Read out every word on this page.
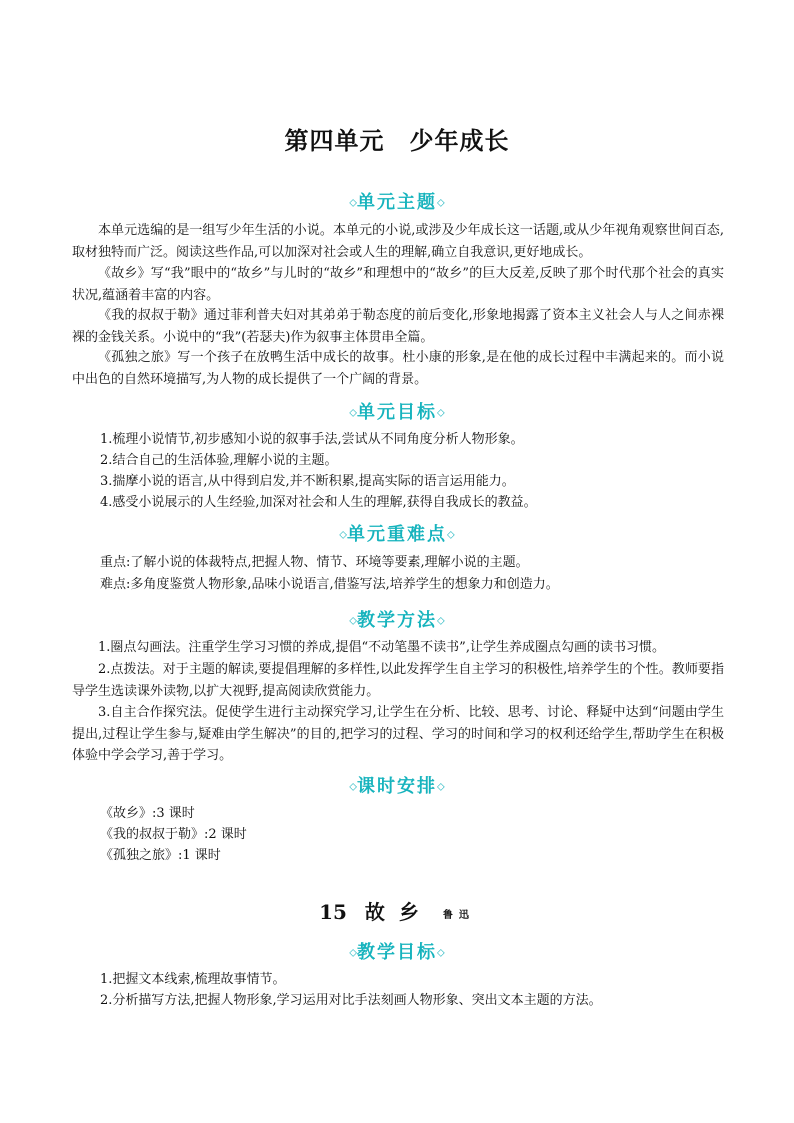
第四单元　少年成长
◇单元主题◇

本单元选编的是一组写少年生活的小说。本单元的小说,或涉及少年成长这一话题,或从少年视角观察世间百态,取材独特而广泛。阅读这些作品,可以加深对社会或人生的理解,确立自我意识,更好地成长。

《故乡》写“我”眼中的“故乡”与儿时的“故乡”和理想中的“故乡”的巨大反差,反映了那个时代那个社会的真实状况,蕴涵着丰富的内容。

《我的叔叔于勒》通过菲利普夫妇对其弟弟于勒态度的前后变化,形象地揭露了资本主义社会人与人之间赤裸裸的金钱关系。小说中的“我”(若瑟夫)作为叙事主体贯串全篇。

《孤独之旅》写一个孩子在放鸭生活中成长的故事。杜小康的形象,是在他的成长过程中丰满起来的。而小说中出色的自然环境描写,为人物的成长提供了一个广阔的背景。

◇单元目标◇

1.梳理小说情节,初步感知小说的叙事手法,尝试从不同角度分析人物形象。

2.结合自己的生活体验,理解小说的主题。

3.揣摩小说的语言,从中得到启发,并不断积累,提高实际的语言运用能力。

4.感受小说展示的人生经验,加深对社会和人生的理解,获得自我成长的教益。

◇单元重难点◇

重点:了解小说的体裁特点,把握人物、情节、环境等要素,理解小说的主题。

难点:多角度鉴赏人物形象,品味小说语言,借鉴写法,培养学生的想象力和创造力。

◇教学方法◇

1.圈点勾画法。注重学生学习习惯的养成,提倡“不动笔墨不读书”,让学生养成圈点勾画的读书习惯。

2.点拨法。对于主题的解读,要提倡理解的多样性,以此发挥学生自主学习的积极性,培养学生的个性。教师要指导学生选读课外读物,以扩大视野,提高阅读欣赏能力。

3.自主合作探究法。促使学生进行主动探究学习,让学生在分析、比较、思考、讨论、释疑中达到“问题由学生提出,过程让学生参与,疑难由学生解决”的目的,把学习的过程、学习的时间和学习的权利还给学生,帮助学生在积极体验中学会学习,善于学习。

◇课时安排◇

《故乡》:3 课时

《我的叔叔于勒》:2 课时

《孤独之旅》:1 课时

15 故乡 鲁迅
◇教学目标◇

1.把握文本线索,梳理故事情节。

2.分析描写方法,把握人物形象,学习运用对比手法刻画人物形象、突出文本主题的方法。
